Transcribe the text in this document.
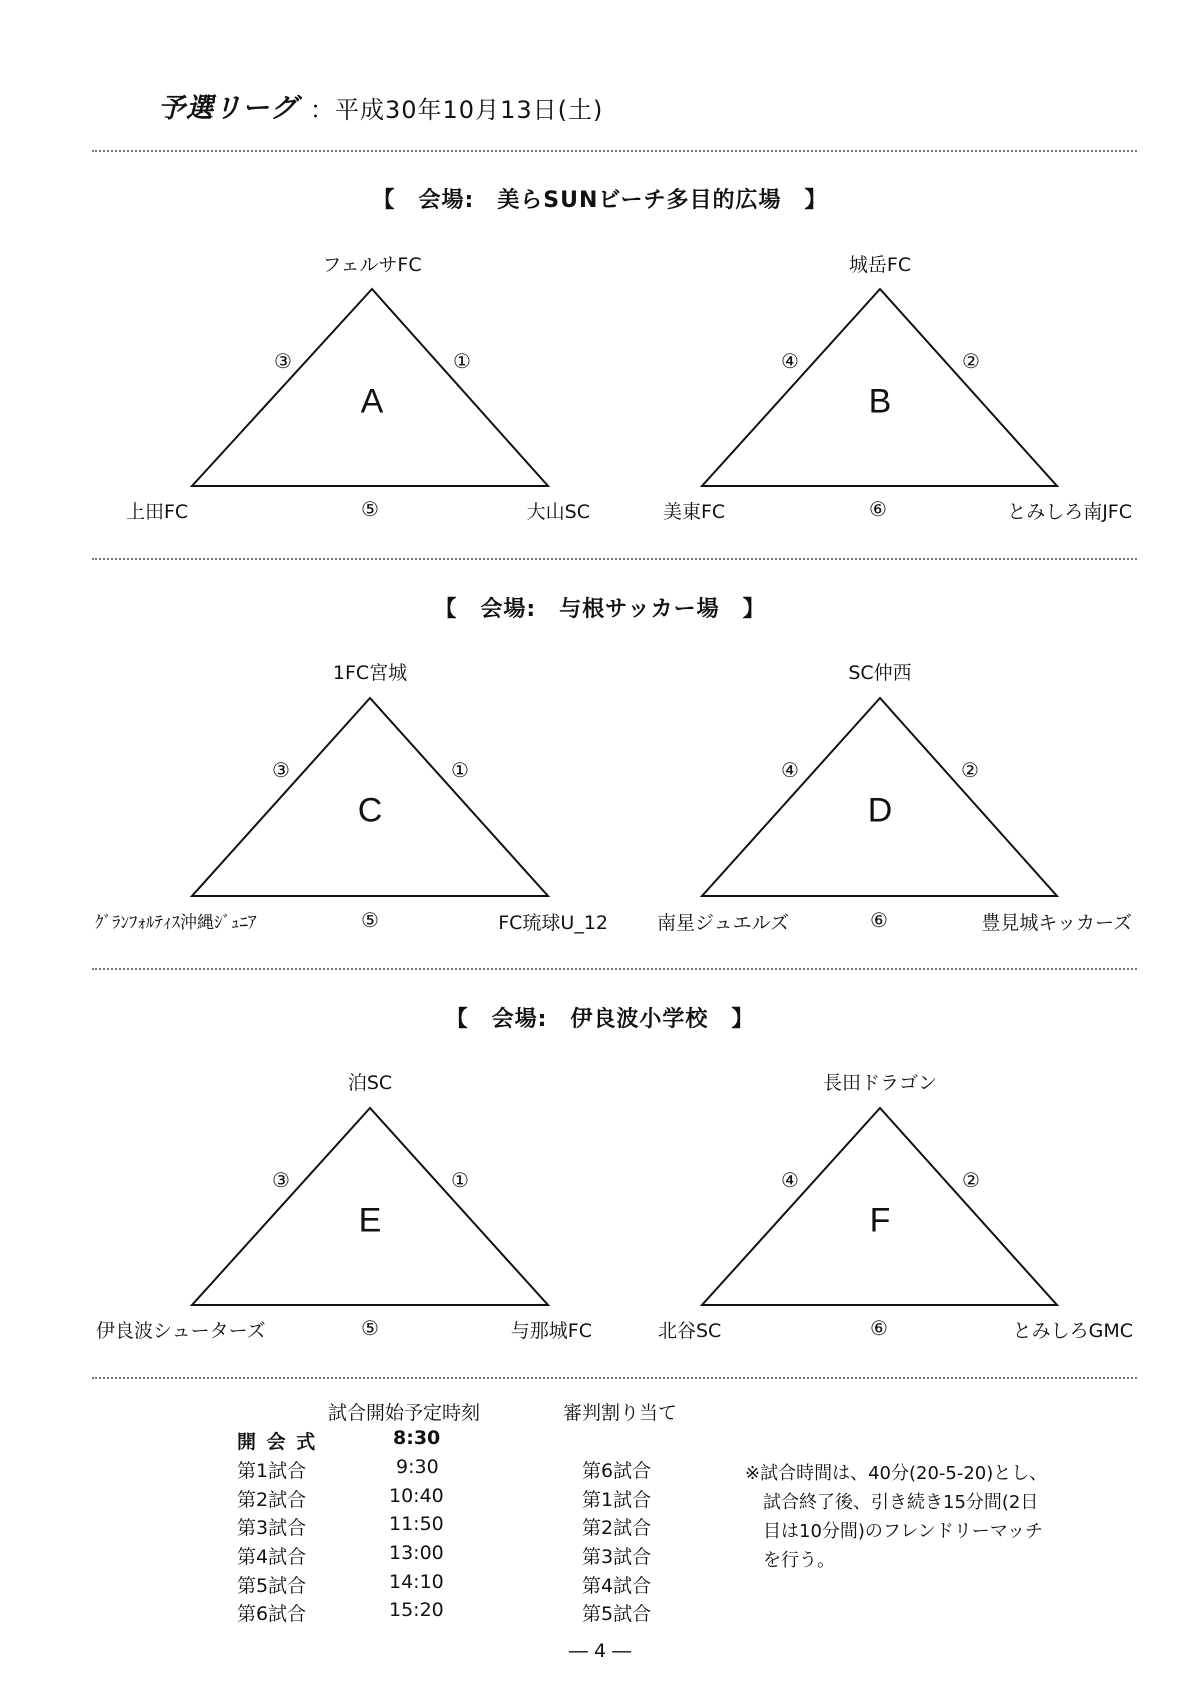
予選リーグ ：平成30年10月13日(土)
【　会場:　美らSUNビーチ多目的広場　】
【　会場:　与根サッカー場　】
【　会場:　伊良波小学校　】
フェルサFC
上田FC	大山SC
A
③	①
⑤
城岳FC
美東FC	とみしろ南JFC
B
④	②
⑥
1FC宮城
ｸﾞﾗﾝﾌｫﾙﾃｨｽ沖縄ｼﾞｭﾆｱ	FC琉球U_12
C
③	①
⑤
SC仲西
南星ジュエルズ	豊見城キッカーズ
D
④	②
⑥
泊SC
伊良波シューターズ	与那城FC
E
③	①
⑤
長田ドラゴン
北谷SC	とみしろGMC
F
④	②
⑥
試合開始予定時刻	審判割り当て
開 会 式	8:30
第1試合	9:30	第6試合
第2試合	10:40	第1試合
第3試合	11:50	第2試合
第4試合	13:00	第3試合
第5試合	14:10	第4試合
第6試合	15:20	第5試合
※試合時間は、40分(20-5-20)とし、
試合終了後、引き続き15分間(2日
目は10分間)のフレンドリーマッチ
を行う。
― 4 ―
